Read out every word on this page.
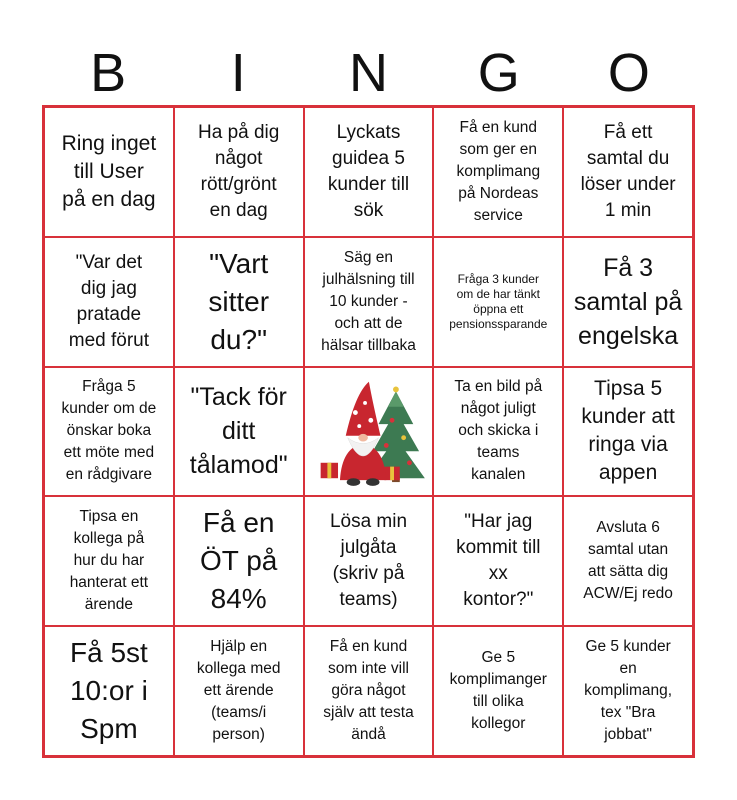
B	I	N	G	O
Ring inget
till User
på en dag
Ha på dig
något
rött/grönt
en dag
Lyckats
guidea 5
kunder till
sök
Få en kund
som ger en
komplimang
på Nordeas
service
Få ett
samtal du
löser under
1 min
"Var det
dig jag
pratade
med förut
"Vart
sitter
du?"
Säg en
julhälsning till
10 kunder -
och att de
hälsar tillbaka
Fråga 3 kunder
om de har tänkt
öppna ett
pensionssparande
Få 3
samtal på
engelska
Fråga 5
kunder om de
önskar boka
ett möte med
en rådgivare
"Tack för
ditt
tålamod"
Ta en bild på
något juligt
och skicka i
teams
kanalen
Tipsa 5
kunder att
ringa via
appen
Tipsa en
kollega på
hur du har
hanterat ett
ärende
Få en
ÖT på
84%
Lösa min
julgåta
(skriv på
teams)
"Har jag
kommit till
xx
kontor?"
Avsluta 6
samtal utan
att sätta dig
ACW/Ej redo
Få 5st
10:or i
Spm
Hjälp en
kollega med
ett ärende
(teams/i
person)
Få en kund
som inte vill
göra något
själv att testa
ändå
Ge 5
komplimanger
till olika
kollegor
Ge 5 kunder
en
komplimang,
tex "Bra
jobbat"
